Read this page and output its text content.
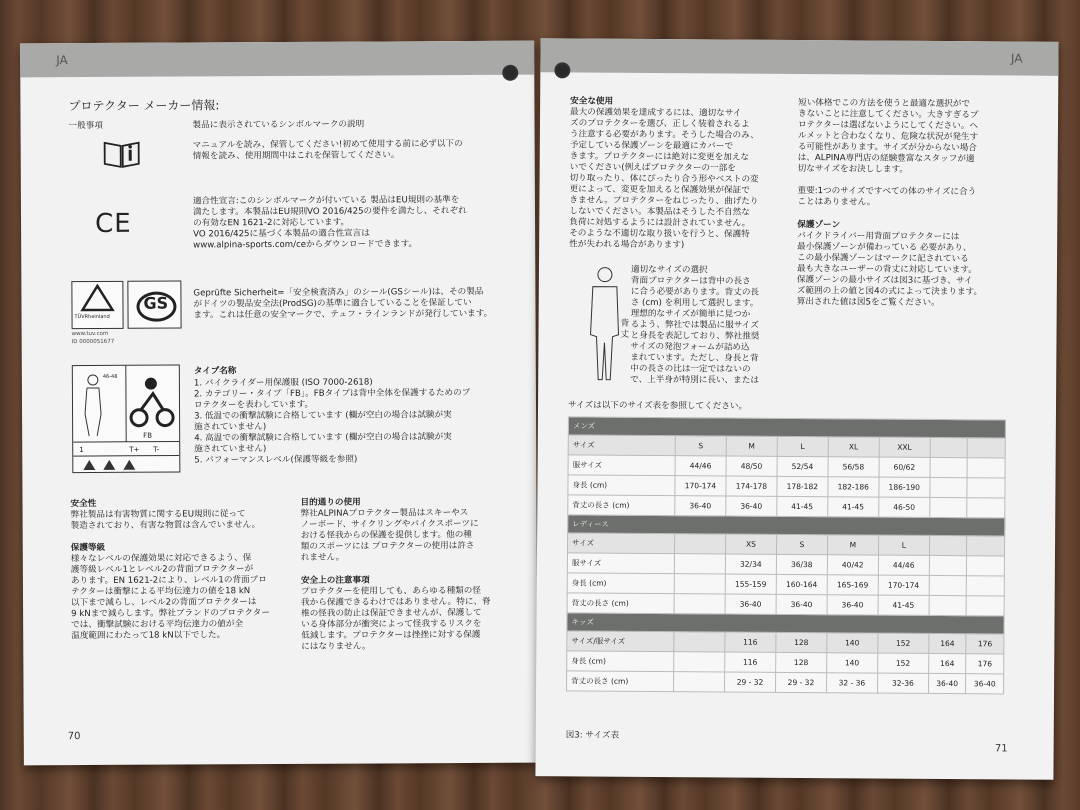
JA
プロテクター メーカー情報:
一般事項	製品に表示されているシンボルマークの説明
マニュアルを読み、保管してください!初めて使用する前に必ず以下の
情報を読み、使用期間中はこれを保管してください。
CE
適合性宣言:このシンボルマークが付いている 製品はEU規則の基準を
満たします。本製品はEU規則VO 2016/425の要件を満たし、それぞれ
の有効なEN 1621-2に対応しています。
VO 2016/425に基づく本製品の適合性宣言は
www.alpina-sports.com/ceからダウンロードできます。
TÜVRheinland
GS
www.tuv.com
ID 0000051677
Geprüfte Sicherheit=「安全検査済み」のシール(GSシール)は、その製品
がドイツの製品安全法(ProdSG)の基準に適合していることを保証してい
ます。これは任意の安全マークで、テュフ・ラインランドが発行しています。
46-48
FB
1	T+ T-
タイプ名称
1. バイクライダー用保護服 (ISO 7000-2618)
2. カテゴリー・タイプ「FB」。FBタイプは背中全体を保護するためのプ
ロテクターを表わしています。
3. 低温での衝撃試験に合格しています (欄が空白の場合は試験が実
施されていません)
4. 高温での衝撃試験に合格しています (欄が空白の場合は試験が実
施されていません)
5. パフォーマンスレベル(保護等級を参照)
安全性
弊社製品は有害物質に関するEU規則に従って
製造されており、有害な物質は含んでいません。
保護等級
様々なレベルの保護効果に対応できるよう、保
護等級レベル1とレベル2の背面プロテクターが
あります。EN 1621-2により、レベル1の背面プロ
テクターは衝撃による平均伝達力の値を18 kN
以下まで減らし、レベル2の背面プロテクターは
9 kNまで減らします。弊社ブランドのプロテクター
では、衝撃試験における平均伝達力の値が全
温度範囲にわたって18 kN以下でした。
目的通りの使用
弊社ALPINAプロテクター製品はスキーやス
ノーボード、サイクリングやバイクスポーツに
おける怪我からの保護を提供します。他の種
類のスポーツには プロテクターの使用は許さ
れません。
安全上の注意事項
プロテクターを使用しても、あらゆる種類の怪
我から保護できるわけではありません。特に、脊
椎の怪我の防止は保証できませんが、保護して
いる身体部分が衝突によって怪我するリスクを
低減します。プロテクターは挫挫に対する保護
にはなりません。
70
JA
安全な使用
最大の保護効果を達成するには、適切なサイ
ズのプロテクターを選び、正しく装着されるよ
う注意する必要があります。そうした場合のみ、
予定している保護ゾーンを最適にカバーで
きます。プロテクターには絶対に変更を加えな
いでください(例えばプロテクターの一部を
切り取ったり、体にぴったり合う形やベストの変
更によって、変更を加えると保護効果が保証で
きません。プロテクターをねじったり、曲げたり
しないでください。本製品はそうした不自然な
負荷に対処するようには設計されていません。
そのような不適切な取り扱いを行うと、保護特
性が失われる場合があります)
背丈
適切なサイズの選択
背面プロテクターは背中の長さ
に合う必要があります。背丈の長
さ (cm) を利用して選択します。
理想的なサイズが簡単に見つか
るよう、弊社では製品に服サイズ
と身長を表記しており、弊社推奨
サイズの発泡フォームが詰め込
まれています。ただし、身長と背
中の長さの比は一定ではないの
で、上半身が特別に長い、または
短い体格でこの方法を使うと最適な選択がで
きないことに注意してください。大きすぎるプ
ロテクターは選ばないようにしてください。ヘ
ルメットと合わなくなり、危険な状況が発生す
る可能性があります。サイズが分からない場合
は、ALPINA専門店の経験豊富なスタッフが適
切なサイズをお決しします。
重要:1つのサイズですべての体のサイズに合う
ことはありません。
保護ゾーン
バイクドライバー用背面プロテクターには
最小保護ゾーンが備わっている 必要があり、
この最小保護ゾーンはマークに記されている
最も大きなユーザーの背丈に対応しています。
保護ゾーンの最小サイズは図3に基づき、サイ
ズ範囲の上の値と図4の式によって決まります。
算出された値は図5をご覧ください。
サイズは以下のサイズ表を参照してください。
メンズ							
サイズ	S	M	L	XL	XXL		
服サイズ	44/46	48/50	52/54	56/58	60/62		
身長 (cm)	170-174	174-178	178-182	182-186	186-190		
背丈の長さ (cm)	36-40	36-40	41-45	41-45	46-50		
レディース							
サイズ		XS	S	M	L		
服サイズ		32/34	36/38	40/42	44/46		
身長 (cm)		155-159	160-164	165-169	170-174		
背丈の長さ (cm)		36-40	36-40	36-40	41-45		
キッズ							
サイズ/服サイズ		116	128	140	152	164	176
身長 (cm)		116	128	140	152	164	176
背丈の長さ (cm)		29 - 32	29 - 32	32 - 36	32-36	36-40	36-40
図3: サイズ表
71
